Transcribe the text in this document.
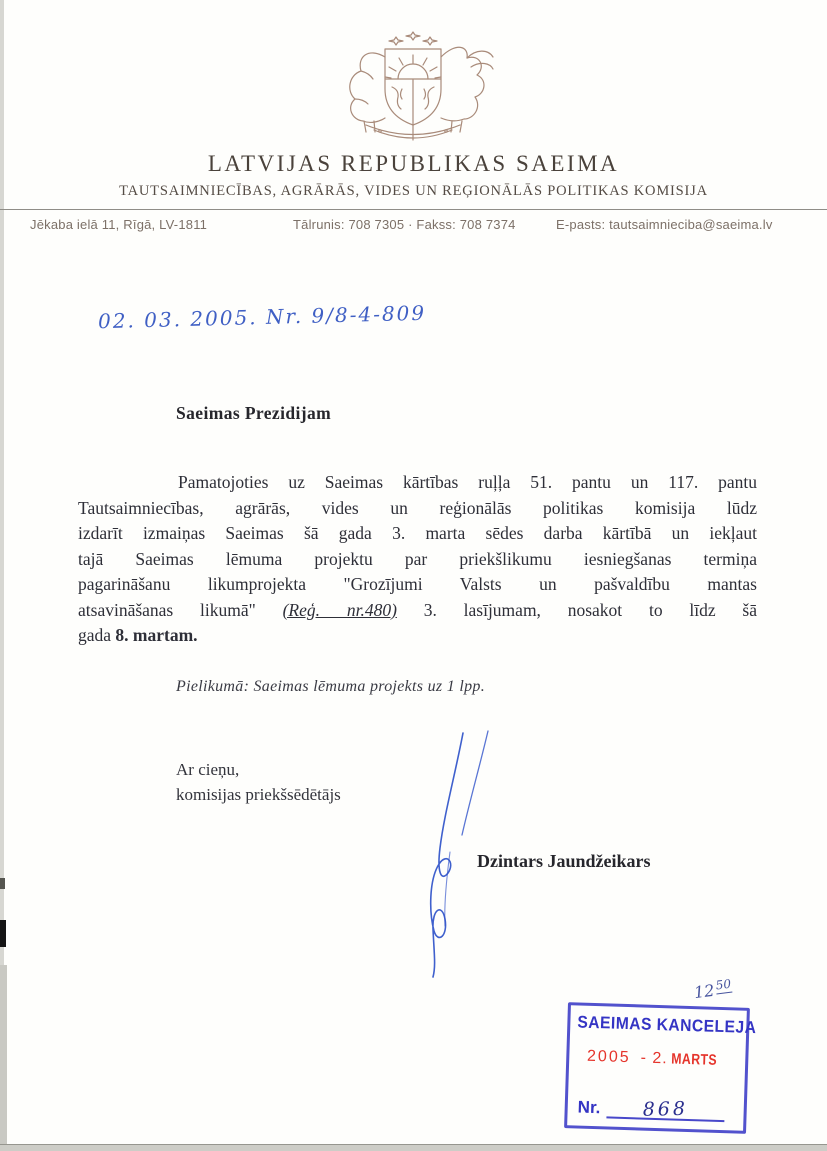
LATVIJAS REPUBLIKAS SAEIMA
TAUTSAIMNIECĪBAS, AGRĀRĀS, VIDES UN REĢIONĀLĀS POLITIKAS KOMISIJA
Jēkaba ielā 11, Rīgā, LV-1811	Tālrunis: 708 7305 · Fakss: 708 7374	E-pasts: tautsaimnieciba@saeima.lv
02. 03. 2005. Nr. 9/8-4-809
Saeimas Prezidijam
Pamatojoties uz Saeimas kārtības ruļļa 51. pantu un 117. pantu
Tautsaimniecības, agrārās, vides un reģionālās politikas komisija lūdz
izdarīt izmaiņas Saeimas šā gada 3. marta sēdes darba kārtībā un iekļaut
tajā Saeimas lēmuma projektu par priekšlikumu iesniegšanas termiņa
pagarināšanu likumprojekta "Grozījumi Valsts un pašvaldību mantas
atsavināšanas likumā" (Reģ. nr.480) 3. lasījumam, nosakot to līdz šā
gada 8. martam.
Pielikumā: Saeimas lēmuma projekts uz 1 lpp.
Ar cieņu,
komisijas priekšsēdētājs
Dzintars Jaundžeikars
$12^{50}$
SAEIMAS KANCELEJA
2005 - 2. MARTS
Nr. 868
